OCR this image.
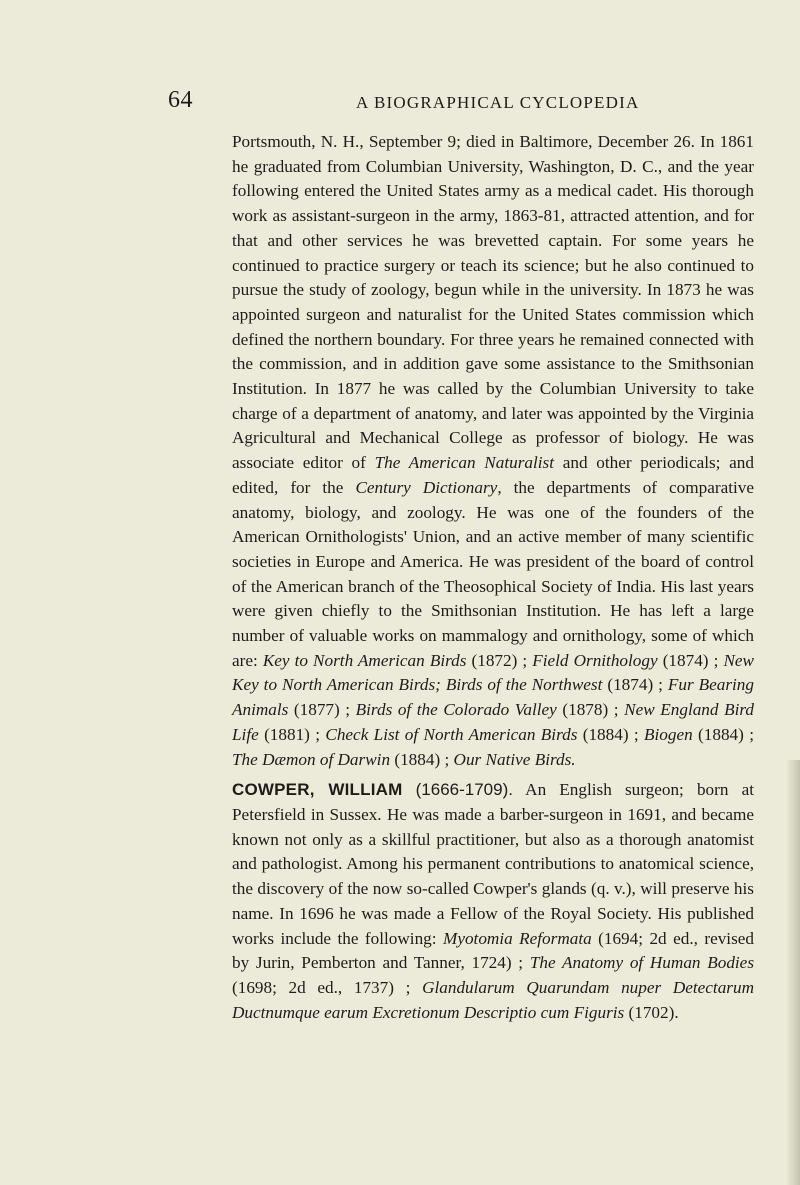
64	A BIOGRAPHICAL CYCLOPEDIA

Portsmouth, N. H., September 9; died in Baltimore, December 26. In 1861 he graduated from Columbian University, Washington, D. C., and the year following entered the United States army as a medical cadet. His thorough work as assistant-surgeon in the army, 1863-81, attracted attention, and for that and other services he was brevetted captain. For some years he continued to practice surgery or teach its science; but he also continued to pursue the study of zoology, begun while in the university. In 1873 he was appointed surgeon and naturalist for the United States commission which defined the northern boundary. For three years he remained connected with the commission, and in addition gave some assistance to the Smithsonian Institution. In 1877 he was called by the Columbian University to take charge of a department of anatomy, and later was appointed by the Virginia Agricultural and Mechanical College as professor of biology. He was associate editor of The American Naturalist and other periodicals; and edited, for the Century Dictionary, the departments of comparative anatomy, biology, and zoology. He was one of the founders of the American Ornithologists' Union, and an active member of many scientific societies in Europe and America. He was president of the board of control of the American branch of the Theosophical Society of India. His last years were given chiefly to the Smithsonian Institution. He has left a large number of valuable works on mammalogy and ornithology, some of which are: Key to North American Birds (1872) ; Field Ornithology (1874) ; New Key to North American Birds; Birds of the Northwest (1874) ; Fur Bearing Animals (1877) ; Birds of the Colorado Valley (1878) ; New England Bird Life (1881) ; Check List of North American Birds (1884) ; Biogen (1884) ; The Dæmon of Darwin (1884) ; Our Native Birds.

COWPER, WILLIAM (1666-1709). An English surgeon; born at Petersfield in Sussex. He was made a barber-surgeon in 1691, and became known not only as a skillful practitioner, but also as a thorough anatomist and pathologist. Among his permanent contributions to anatomical science, the discovery of the now so-called Cowper's glands (q. v.), will preserve his name. In 1696 he was made a Fellow of the Royal Society. His published works include the following: Myotomia Reformata (1694; 2d ed., revised by Jurin, Pemberton and Tanner, 1724) ; The Anatomy of Human Bodies (1698; 2d ed., 1737) ; Glandularum Quarundam nuper Detectarum Ductnumque earum Excretionum Descriptio cum Figuris (1702).
